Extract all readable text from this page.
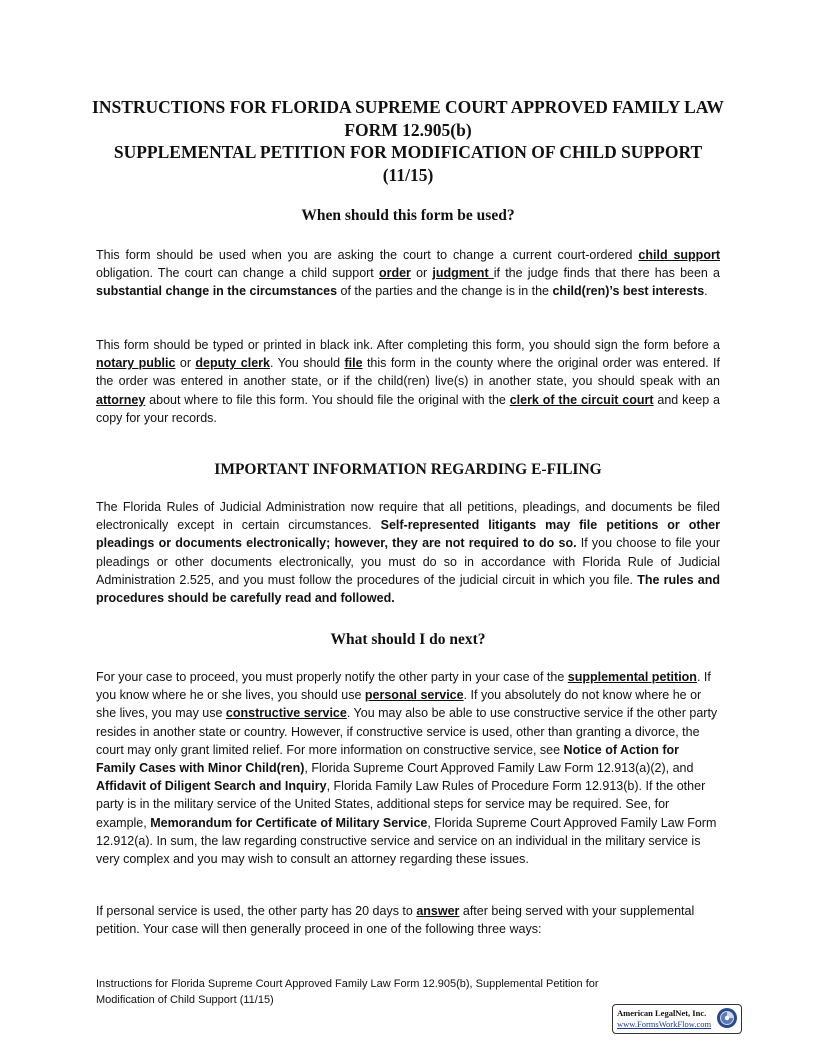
INSTRUCTIONS FOR FLORIDA SUPREME COURT APPROVED FAMILY LAW
FORM 12.905(b)
SUPPLEMENTAL PETITION FOR MODIFICATION OF CHILD SUPPORT
(11/15)
When should this form be used?

This form should be used when you are asking the court to change a current court-ordered child support obligation. The court can change a child support order or judgment if the judge finds that there has been a substantial change in the circumstances of the parties and the change is in the child(ren)’s best interests.

This form should be typed or printed in black ink. After completing this form, you should sign the form before a notary public or deputy clerk. You should file this form in the county where the original order was entered. If the order was entered in another state, or if the child(ren) live(s) in another state, you should speak with an attorney about where to file this form. You should file the original with the clerk of the circuit court and keep a copy for your records.

IMPORTANT INFORMATION REGARDING E-FILING

The Florida Rules of Judicial Administration now require that all petitions, pleadings, and documents be filed electronically except in certain circumstances. Self-represented litigants may file petitions or other pleadings or documents electronically; however, they are not required to do so. If you choose to file your pleadings or other documents electronically, you must do so in accordance with Florida Rule of Judicial Administration 2.525, and you must follow the procedures of the judicial circuit in which you file. The rules and procedures should be carefully read and followed.

What should I do next?

For your case to proceed, you must properly notify the other party in your case of the supplemental petition. If you know where he or she lives, you should use personal service. If you absolutely do not know where he or she lives, you may use constructive service. You may also be able to use constructive service if the other party resides in another state or country. However, if constructive service is used, other than granting a divorce, the court may only grant limited relief. For more information on constructive service, see Notice of Action for Family Cases with Minor Child(ren), Florida Supreme Court Approved Family Law Form 12.913(a)(2), and Affidavit of Diligent Search and Inquiry, Florida Family Law Rules of Procedure Form 12.913(b). If the other party is in the military service of the United States, additional steps for service may be required. See, for example, Memorandum for Certificate of Military Service, Florida Supreme Court Approved Family Law Form 12.912(a). In sum, the law regarding constructive service and service on an individual in the military service is very complex and you may wish to consult an attorney regarding these issues.

If personal service is used, the other party has 20 days to answer after being served with your supplemental petition. Your case will then generally proceed in one of the following three ways:

Instructions for Florida Supreme Court Approved Family Law Form 12.905(b), Supplemental Petition for
Modification of Child Support (11/15)
American LegalNet, Inc.
www.FormsWorkFlow.com
